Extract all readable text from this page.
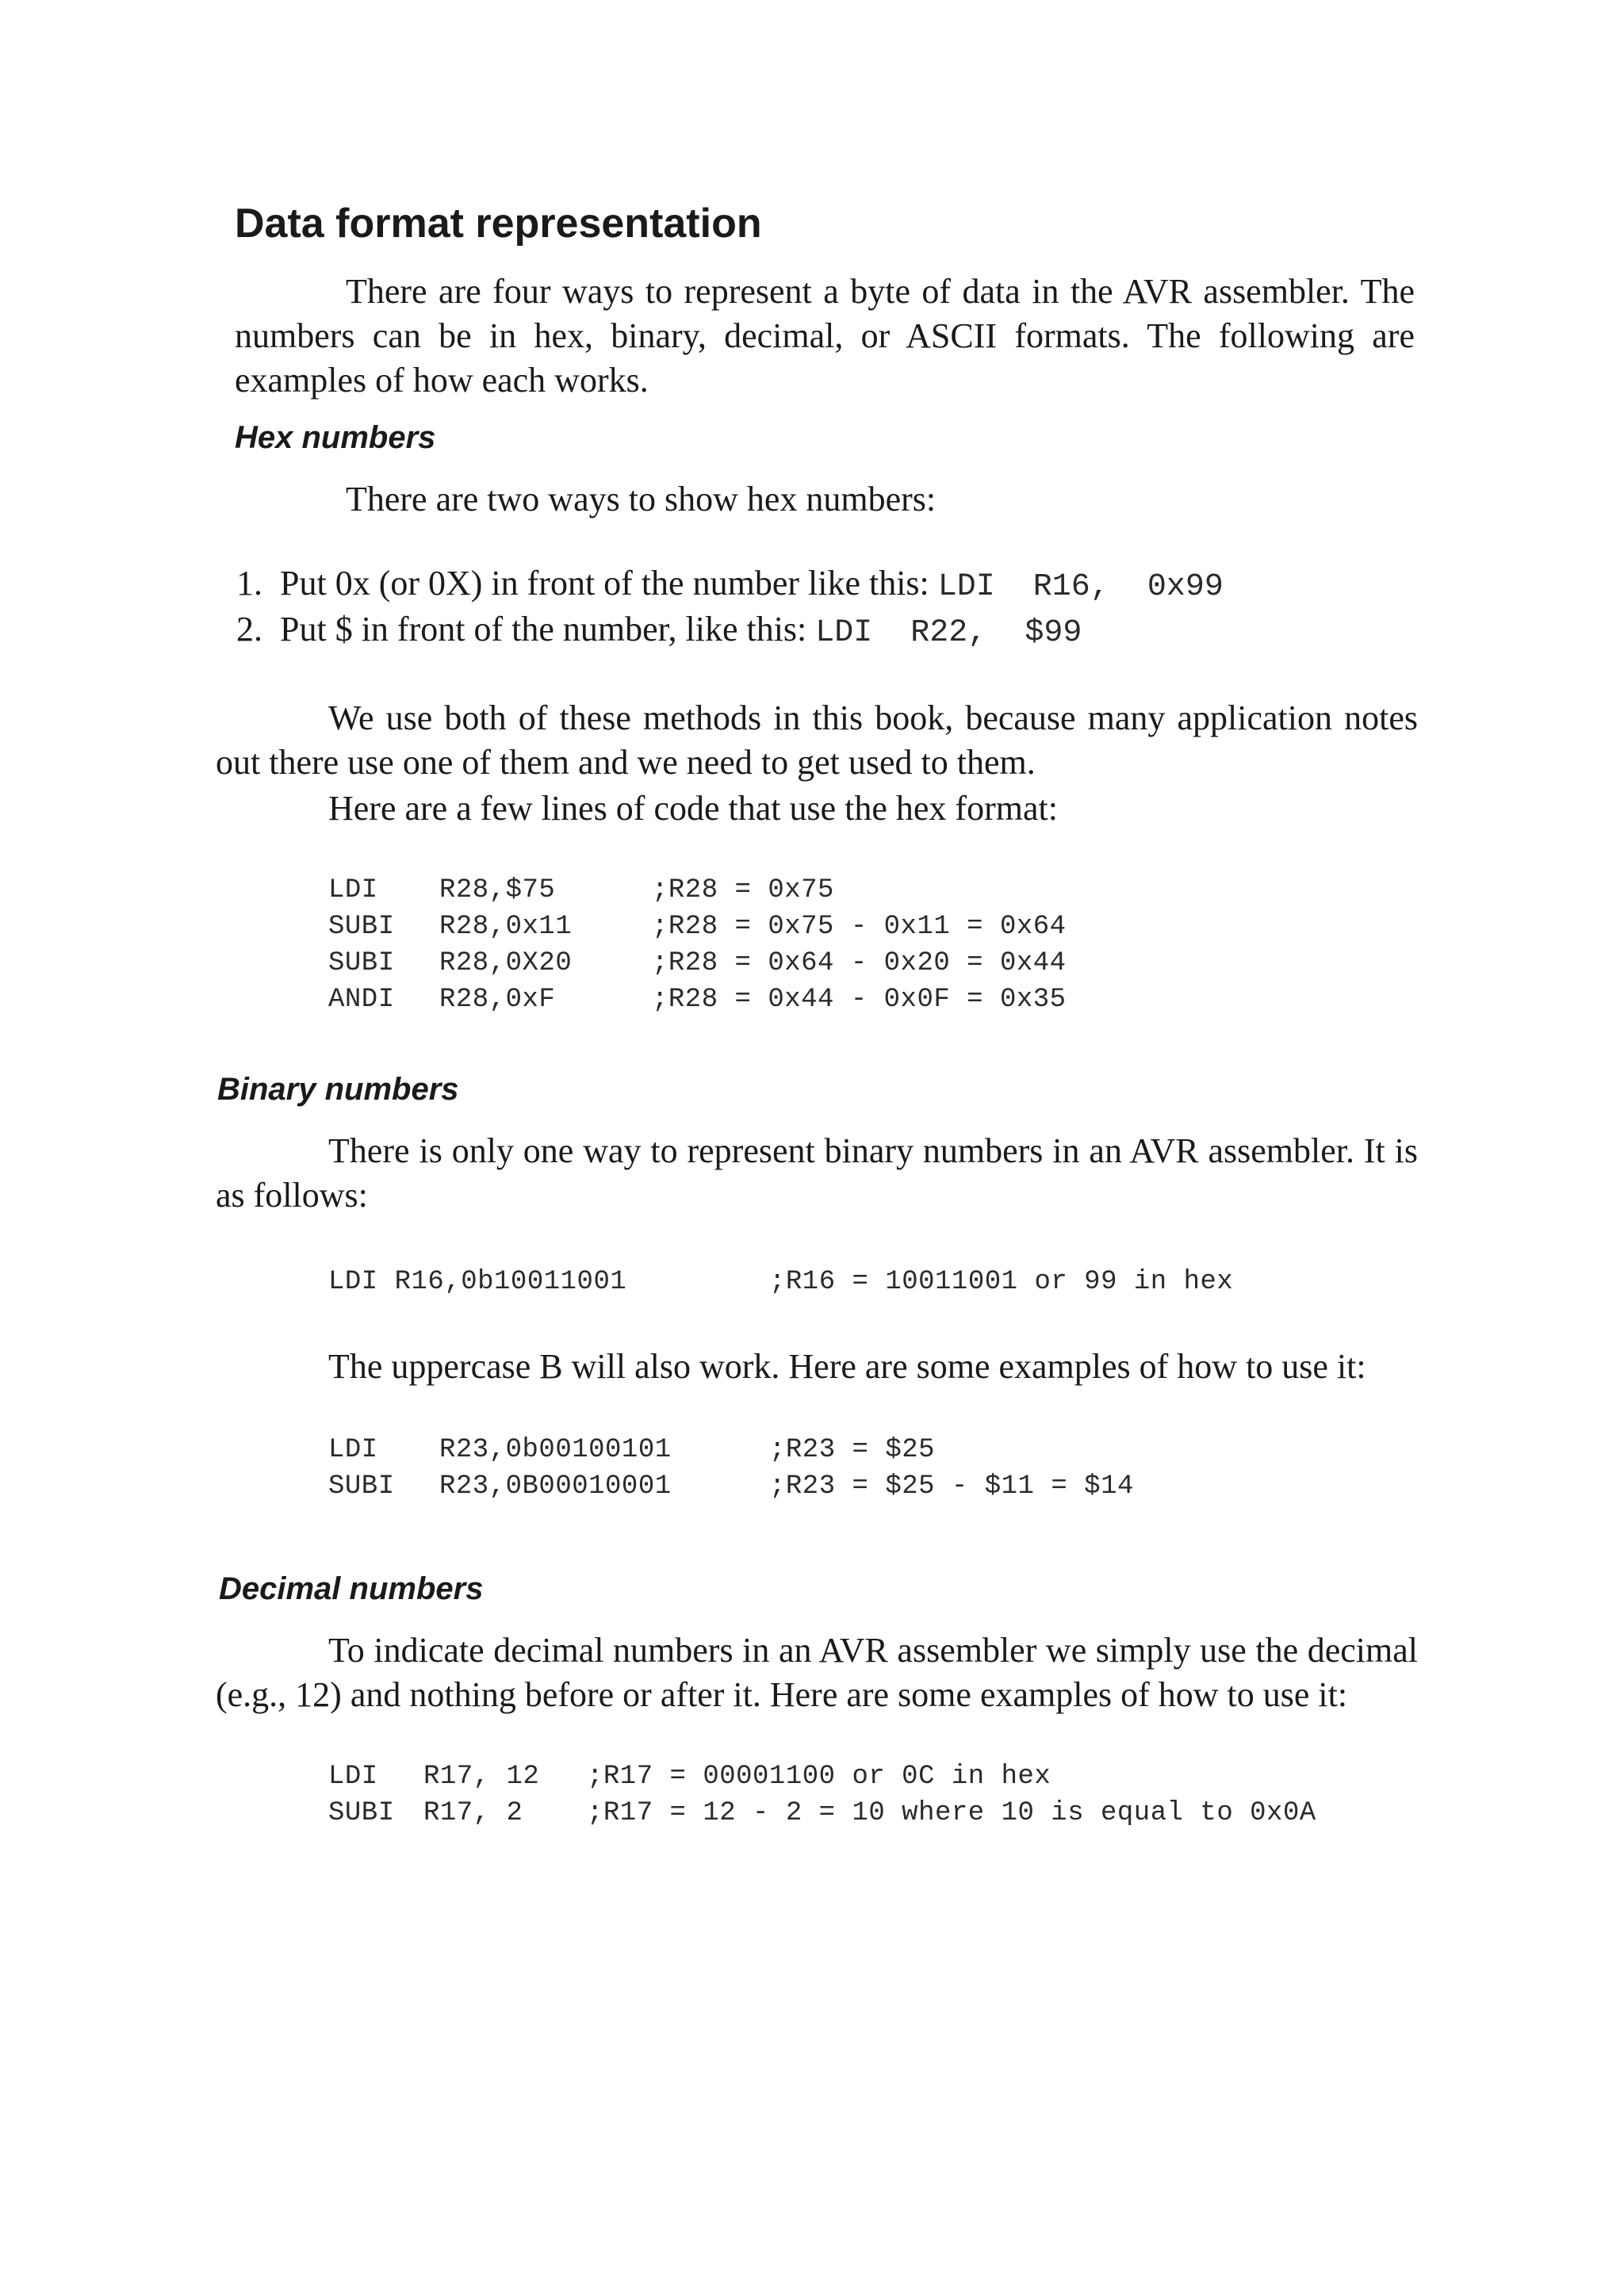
Data format representation
There are four ways to represent a byte of data in the AVR assembler. The numbers can be in hex, binary, decimal, or ASCII formats. The following are examples of how each works.
Hex numbers
There are two ways to show hex numbers:
1. Put 0x (or 0X) in front of the number like this: LDI  R16,  0x99
2. Put $ in front of the number, like this: LDI  R22,  $99
We use both of these methods in this book, because many application notes out there use one of them and we need to get used to them.
Here are a few lines of code that use the hex format:
LDI R28,$75	;R28 = 0x75
SUBI R28,0x11	;R28 = 0x75 - 0x11 = 0x64
SUBI R28,0X20	;R28 = 0x64 - 0x20 = 0x44
ANDI R28,0xF	;R28 = 0x44 - 0x0F = 0x35
Binary numbers
There is only one way to represent binary numbers in an AVR assembler. It is as follows:
LDI R16,0b10011001	;R16 = 10011001 or 99 in hex
The uppercase B will also work. Here are some examples of how to use it:
LDI R23,0b00100101	;R23 = $25
SUBI R23,0B00010001	;R23 = $25 - $11 = $14
Decimal numbers
To indicate decimal numbers in an AVR assembler we simply use the decimal (e.g., 12) and nothing before or after it. Here are some examples of how to use it:
LDI R17, 12 ;R17 = 00001100 or 0C in hex
SUBI R17, 2 ;R17 = 12 - 2 = 10 where 10 is equal to 0x0A
